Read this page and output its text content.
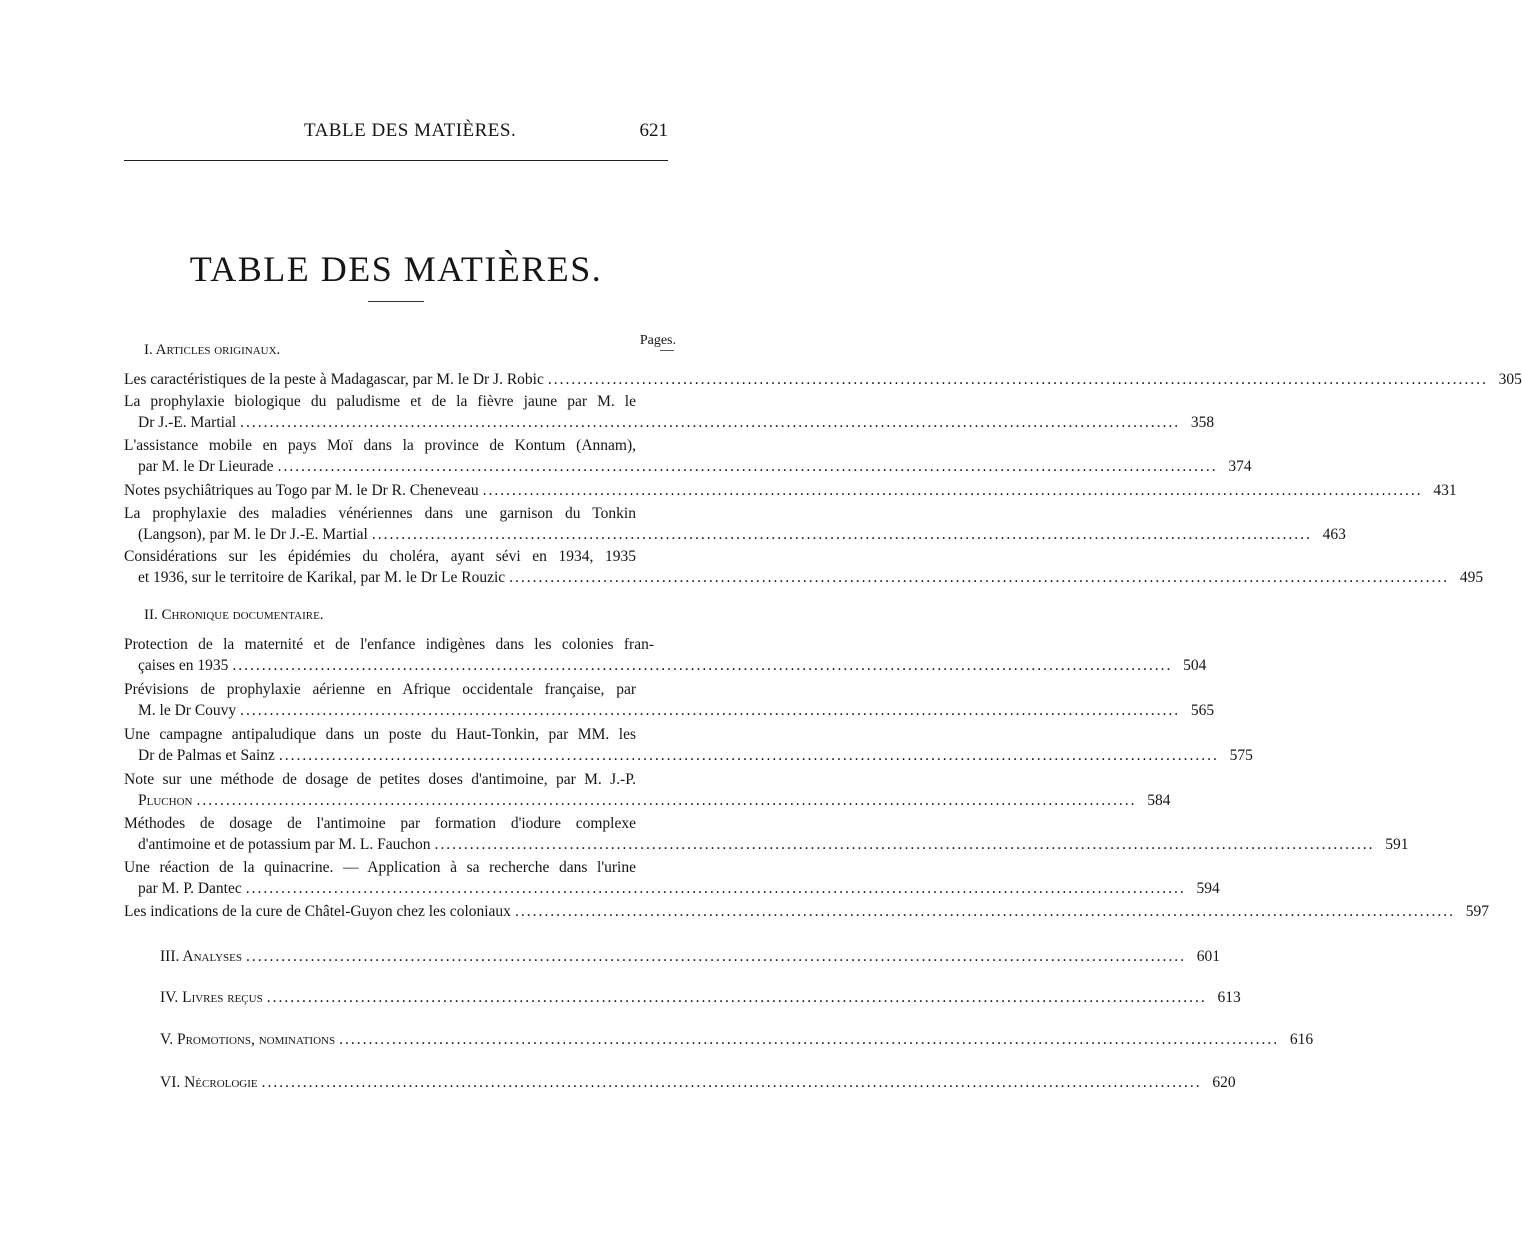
TABLE DES MATIÈRES.	621
TABLE DES MATIÈRES.
Pages.
I. Articles originaux.
Les caractéristiques de la peste à Madagascar, par M. le Dr J. Robic .....	305
La prophylaxie biologique du paludisme et de la fièvre jaune par M. le
Dr J.-E. Martial .....	358
L'assistance mobile en pays Moï dans la province de Kontum (Annam),
par M. le Dr Lieurade .....	374
Notes psychiâtriques au Togo par M. le Dr R. Cheneveau .....	431
La prophylaxie des maladies vénériennes dans une garnison du Tonkin
(Langson), par M. le Dr J.-E. Martial .....	463
Considérations sur les épidémies du choléra, ayant sévi en 1934, 1935
et 1936, sur le territoire de Karikal, par M. le Dr Le Rouzic .....	495
II. Chronique documentaire.
Protection de la maternité et de l'enfance indigènes dans les colonies fran-
çaises en 1935 .....	504
Prévisions de prophylaxie aérienne en Afrique occidentale française, par
M. le Dr Couvy .....	565
Une campagne antipaludique dans un poste du Haut-Tonkin, par MM. les
Dr de Palmas et Sainz .....	575
Note sur une méthode de dosage de petites doses d'antimoine, par M. J.-P.
Pluchon .....	584
Méthodes de dosage de l'antimoine par formation d'iodure complexe
d'antimoine et de potassium par M. L. Fauchon .....	591
Une réaction de la quinacrine. — Application à sa recherche dans l'urine
par M. P. Dantec .....	594
Les indications de la cure de Châtel-Guyon chez les coloniaux .....	597
III. Analyses .....	601
IV. Livres reçus .....	613
V. Promotions, nominations .....	616
VI. Nécrologie .....	620
